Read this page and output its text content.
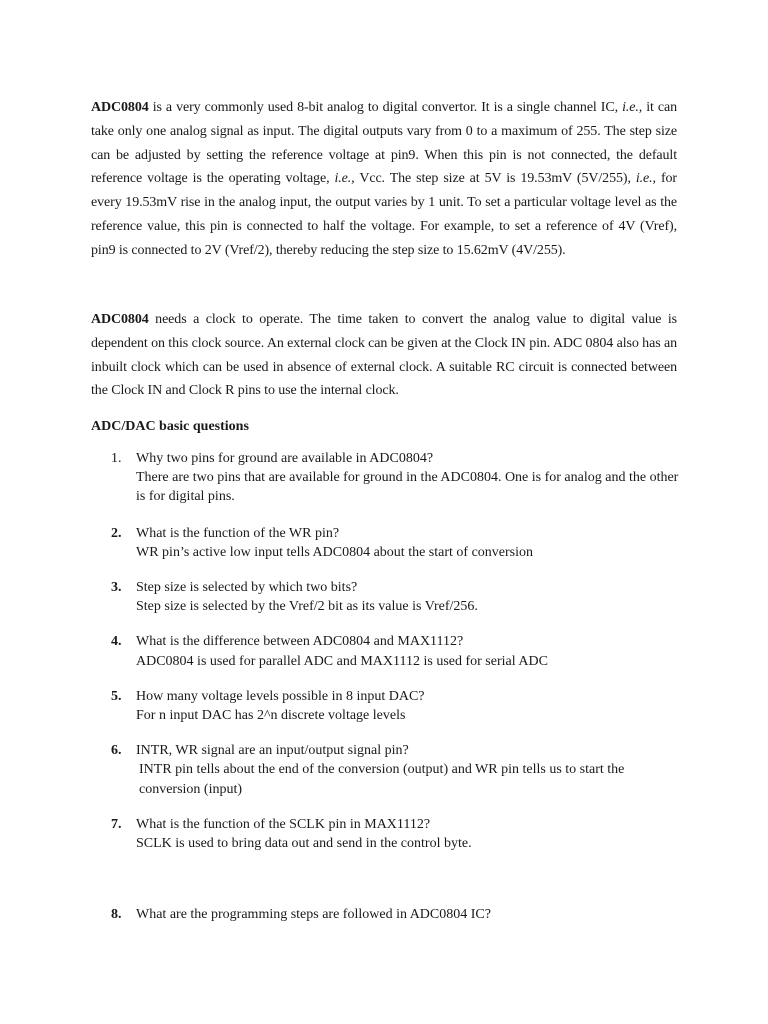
ADC0804 is a very commonly used 8-bit analog to digital convertor. It is a single channel IC, i.e., it can take only one analog signal as input. The digital outputs vary from 0 to a maximum of 255. The step size can be adjusted by setting the reference voltage at pin9. When this pin is not connected, the default reference voltage is the operating voltage, i.e., Vcc. The step size at 5V is 19.53mV (5V/255), i.e., for every 19.53mV rise in the analog input, the output varies by 1 unit. To set a particular voltage level as the reference value, this pin is connected to half the voltage. For example, to set a reference of 4V (Vref), pin9 is connected to 2V (Vref/2), thereby reducing the step size to 15.62mV (4V/255).

ADC0804 needs a clock to operate. The time taken to convert the analog value to digital value is dependent on this clock source. An external clock can be given at the Clock IN pin. ADC 0804 also has an inbuilt clock which can be used in absence of external clock. A suitable RC circuit is connected between the Clock IN and Clock R pins to use the internal clock.

ADC/DAC basic questions
1.	Why two pins for ground are available in ADC0804?
There are two pins that are available for ground in the ADC0804. One is for analog and the other is for digital pins.
2.	What is the function of the WR pin?
WR pin’s active low input tells ADC0804 about the start of conversion
3.	Step size is selected by which two bits?
Step size is selected by the Vref/2 bit as its value is Vref/256.
4.	What is the difference between ADC0804 and MAX1112?
ADC0804 is used for parallel ADC and MAX1112 is used for serial ADC
5.	How many voltage levels possible in 8 input DAC?
For n input DAC has 2^n discrete voltage levels
6.	INTR, WR signal are an input/output signal pin?
INTR pin tells about the end of the conversion (output) and WR pin tells us to start the conversion (input)
7.	What is the function of the SCLK pin in MAX1112?
SCLK is used to bring data out and send in the control byte.
8.	What are the programming steps are followed in ADC0804 IC?
